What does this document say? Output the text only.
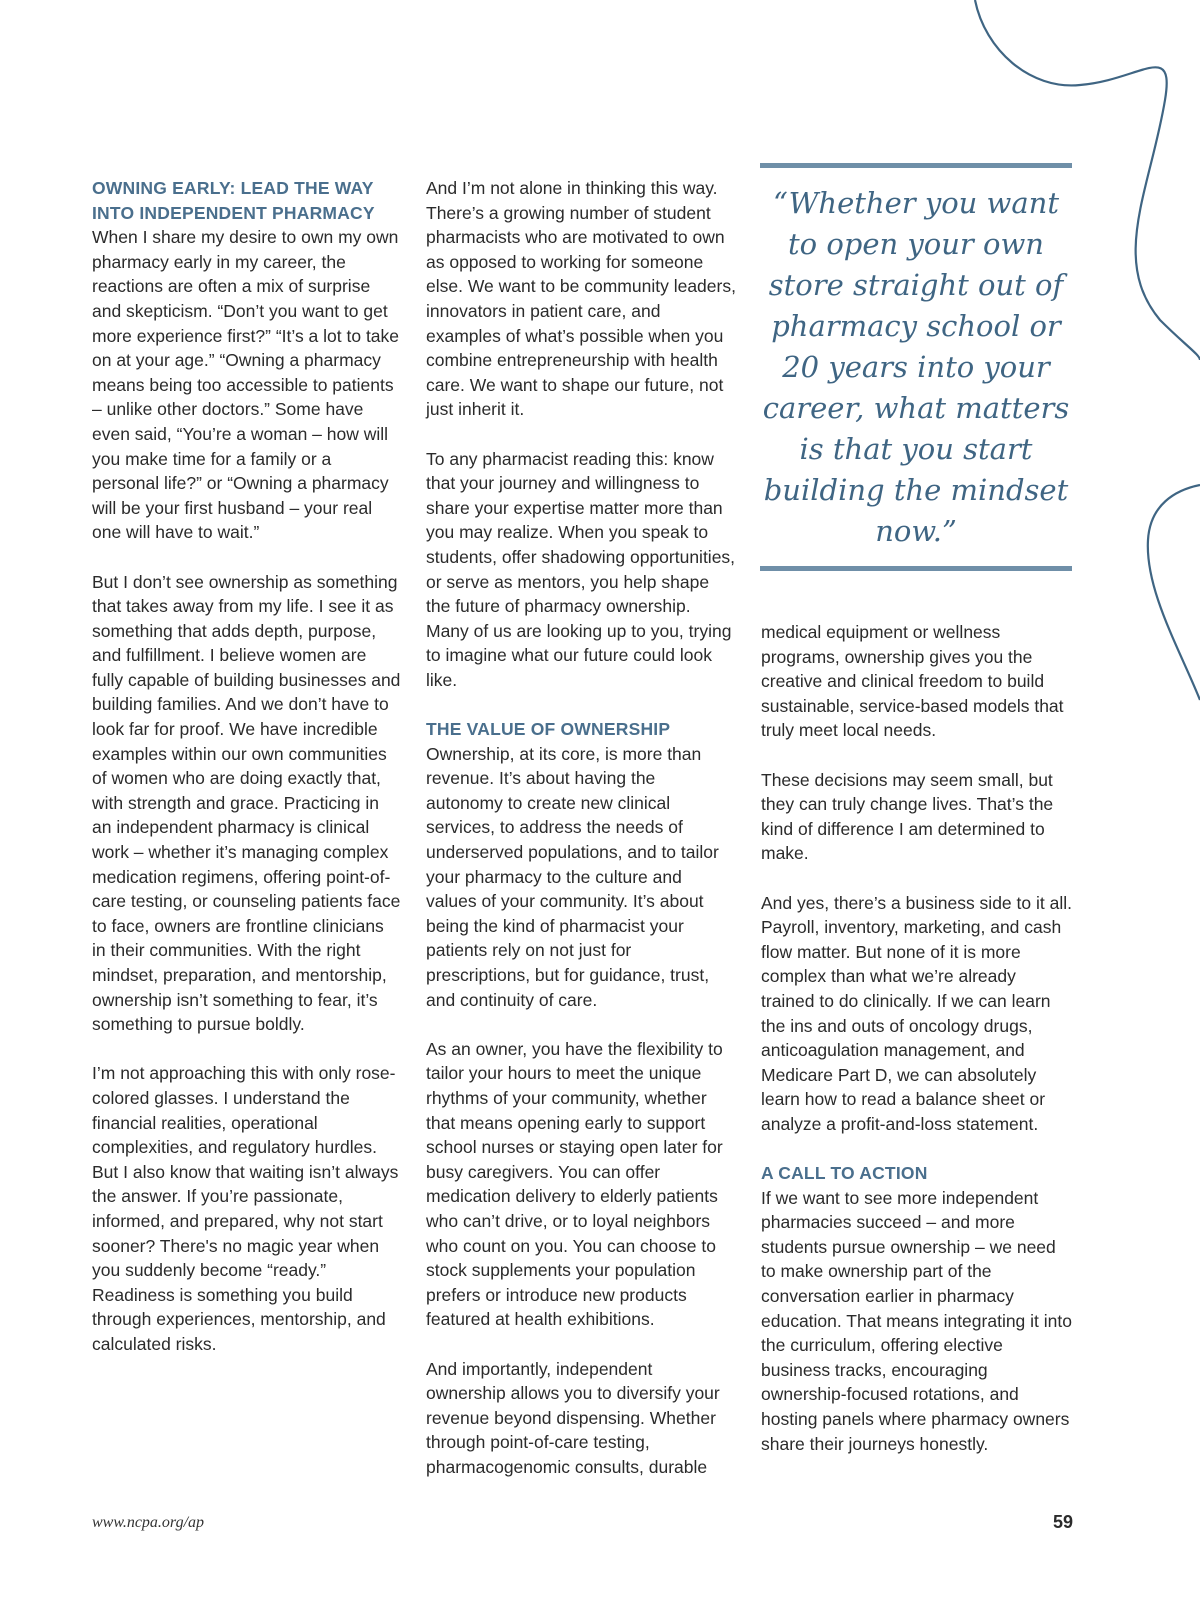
OWNING EARLY: LEAD THE WAY INTO INDEPENDENT PHARMACY

When I share my desire to own my own pharmacy early in my career, the reactions are often a mix of surprise and skepticism. “Don’t you want to get more experience first?” “It’s a lot to take on at your age.” “Owning a pharmacy means being too accessible to patients – unlike other doctors.” Some have even said, “You’re a woman – how will you make time for a family or a personal life?” or “Owning a pharmacy will be your first husband – your real one will have to wait.”

But I don’t see ownership as something that takes away from my life. I see it as something that adds depth, purpose, and fulfillment. I believe women are fully capable of building businesses and building families. And we don’t have to look far for proof. We have incredible examples within our own communities of women who are doing exactly that, with strength and grace. Practicing in an independent pharmacy is clinical work – whether it’s managing complex medication regimens, offering point-of-care testing, or counseling patients face to face, owners are frontline clinicians in their communities. With the right mindset, preparation, and mentorship, ownership isn’t something to fear, it’s something to pursue boldly.

I’m not approaching this with only rose-colored glasses. I understand the financial realities, operational complexities, and regulatory hurdles. But I also know that waiting isn’t always the answer. If you’re passionate, informed, and prepared, why not start sooner? There's no magic year when you suddenly become “ready.” Readiness is something you build through experiences, mentorship, and calculated risks.

And I’m not alone in thinking this way. There’s a growing number of student pharmacists who are motivated to own as opposed to working for someone else. We want to be community leaders, innovators in patient care, and examples of what’s possible when you combine entrepreneurship with health care. We want to shape our future, not just inherit it.

To any pharmacist reading this: know that your journey and willingness to share your expertise matter more than you may realize. When you speak to students, offer shadowing opportunities, or serve as mentors, you help shape the future of pharmacy ownership. Many of us are looking up to you, trying to imagine what our future could look like.

THE VALUE OF OWNERSHIP

Ownership, at its core, is more than revenue. It’s about having the autonomy to create new clinical services, to address the needs of underserved populations, and to tailor your pharmacy to the culture and values of your community. It’s about being the kind of pharmacist your patients rely on not just for prescriptions, but for guidance, trust, and continuity of care.

As an owner, you have the flexibility to tailor your hours to meet the unique rhythms of your community, whether that means opening early to support school nurses or staying open later for busy caregivers. You can offer medication delivery to elderly patients who can’t drive, or to loyal neighbors who count on you. You can choose to stock supplements your population prefers or introduce new products featured at health exhibitions.

And importantly, independent ownership allows you to diversify your revenue beyond dispensing. Whether through point-of-care testing, pharmacogenomic consults, durable

“Whether you want to open your own store straight out of pharmacy school or 20 years into your career, what matters is that you start building the mindset now.”

medical equipment or wellness programs, ownership gives you the creative and clinical freedom to build sustainable, service-based models that truly meet local needs.

These decisions may seem small, but they can truly change lives. That’s the kind of difference I am determined to make.

And yes, there’s a business side to it all. Payroll, inventory, marketing, and cash flow matter. But none of it is more complex than what we’re already trained to do clinically. If we can learn the ins and outs of oncology drugs, anticoagulation management, and Medicare Part D, we can absolutely learn how to read a balance sheet or analyze a profit-and-loss statement.

A CALL TO ACTION

If we want to see more independent pharmacies succeed – and more students pursue ownership – we need to make ownership part of the conversation earlier in pharmacy education. That means integrating it into the curriculum, offering elective business tracks, encouraging ownership-focused rotations, and hosting panels where pharmacy owners share their journeys honestly.

www.ncpa.org/ap	59
